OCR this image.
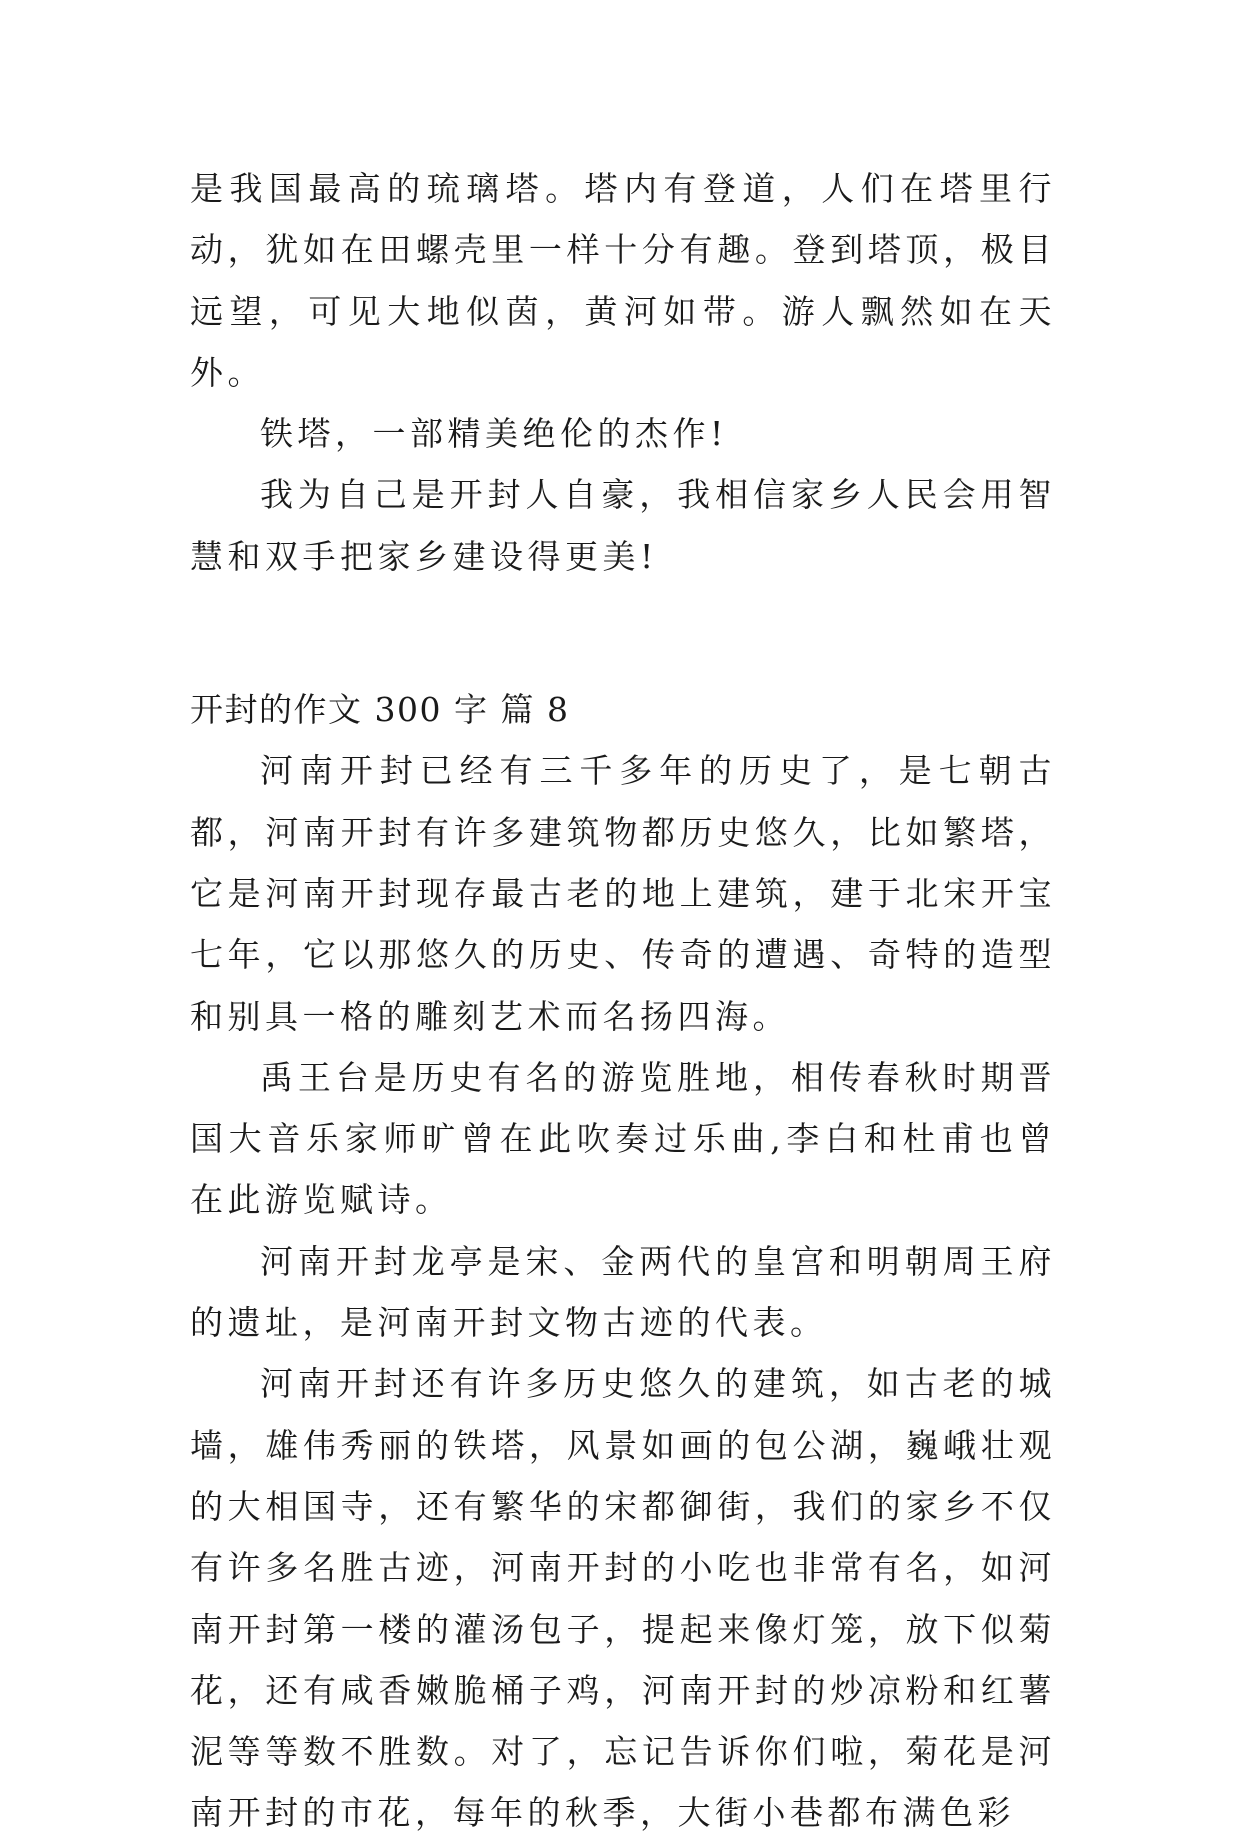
是我国最高的琉璃塔。塔内有登道，人们在塔里行动，犹如在田螺壳里一样十分有趣。登到塔顶，极目远望，可见大地似茵，黄河如带。游人飘然如在天外。

铁塔，一部精美绝伦的杰作!

我为自己是开封人自豪，我相信家乡人民会用智慧和双手把家乡建设得更美!

开封的作文 300 字 篇 8

河南开封已经有三千多年的历史了，是七朝古都，河南开封有许多建筑物都历史悠久，比如繁塔，它是河南开封现存最古老的地上建筑，建于北宋开宝七年，它以那悠久的历史、传奇的遭遇、奇特的造型和别具一格的雕刻艺术而名扬四海。

禹王台是历史有名的游览胜地，相传春秋时期晋国大音乐家师旷曾在此吹奏过乐曲,李白和杜甫也曾在此游览赋诗。

河南开封龙亭是宋、金两代的皇宫和明朝周王府的遗址，是河南开封文物古迹的代表。

河南开封还有许多历史悠久的建筑，如古老的城墙，雄伟秀丽的铁塔，风景如画的包公湖，巍峨壮观的大相国寺，还有繁华的宋都御街，我们的家乡不仅有许多名胜古迹，河南开封的小吃也非常有名，如河南开封第一楼的灌汤包子，提起来像灯笼，放下似菊花，还有咸香嫩脆桶子鸡，河南开封的炒凉粉和红薯泥等等数不胜数。对了，忘记告诉你们啦，菊花是河南开封的市花，每年的秋季，大街小巷都布满色彩
